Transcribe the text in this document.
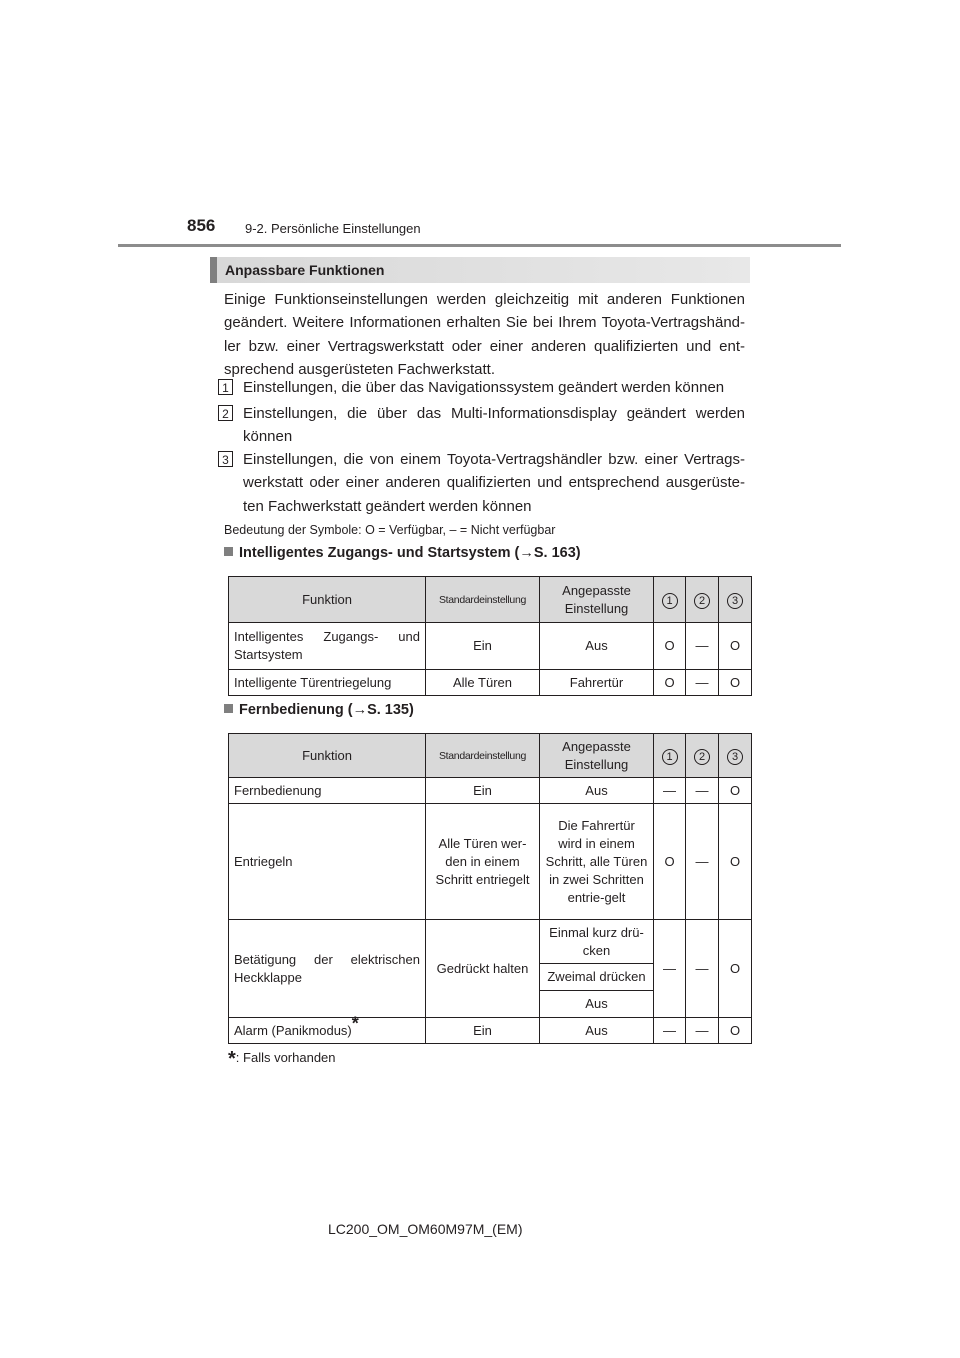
856 9-2. Persönliche Einstellungen
Anpassbare Funktionen
Einige Funktionseinstellungen werden gleichzeitig mit anderen Funktionen geändert. Weitere Informationen erhalten Sie bei Ihrem Toyota-Vertragshänd-ler bzw. einer Vertragswerkstatt oder einer anderen qualifizierten und ent-sprechend ausgerüsteten Fachwerkstatt.
1 Einstellungen, die über das Navigationssystem geändert werden können
2 Einstellungen, die über das Multi-Informationsdisplay geändert werden können
3 Einstellungen, die von einem Toyota-Vertragshändler bzw. einer Vertrags-werkstatt oder einer anderen qualifizierten und entsprechend ausgerüste-ten Fachwerkstatt geändert werden können
Bedeutung der Symbole: O = Verfügbar, – = Nicht verfügbar
Intelligentes Zugangs- und Startsystem (→S. 163)
Funktion	Standardeinstellung	Angepasste Einstellung	1	2	3
Intelligentes Zugangs- und Startsystem	Ein	Aus	O	—	O
Intelligente Türentriegelung	Alle Türen	Fahrertür	O	—	O
Fernbedienung (→S. 135)
Funktion	Standardeinstellung	Angepasste Einstellung	1	2	3
Fernbedienung	Ein	Aus	—	—	O
Entriegeln	Alle Türen wer-den in einem Schritt entriegelt	Die Fahrertür wird in einem Schritt, alle Türen in zwei Schritten entrie-gelt	O	—	O
Betätigung der elektrischen Heckklappe	Gedrückt halten	Einmal kurz drü-cken	—	—	O
		Zweimal drücken			
		Aus			
Alarm (Panikmodus)*	Ein	Aus	—	—	O
*: Falls vorhanden
LC200_OM_OM60M97M_(EM)
